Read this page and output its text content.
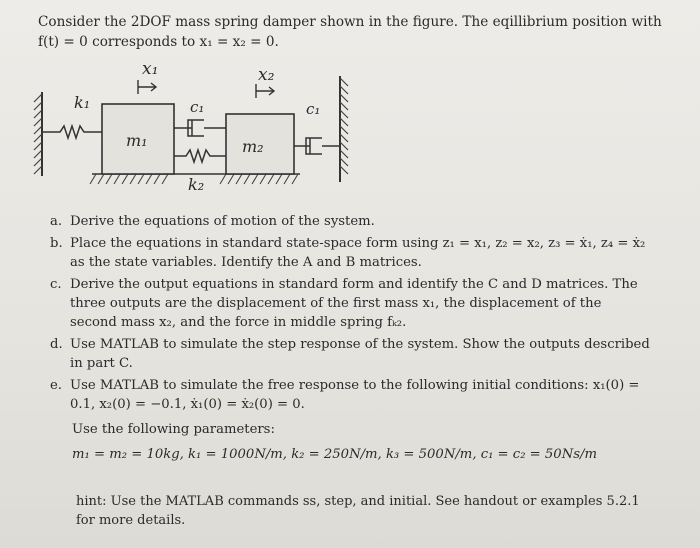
Consider the 2DOF mass spring damper shown in the figure. The eqillibrium position with
f(t) = 0 corresponds to x₁ = x₂ = 0.
x₁	x₂
k₁	c₁	c₁
m₁	m₂
k₂
a. Derive the equations of motion of the system.
b. Place the equations in standard state-space form using z₁ = x₁, z₂ = x₂, z₃ = ẋ₁, z₄ = ẋ₂ as the state variables. Identify the A and B matrices.
c. Derive the output equations in standard form and identify the C and D matrices. The three outputs are the displacement of the first mass x₁, the displacement of the second mass x₂, and the force in middle spring fₖ₂.
d. Use MATLAB to simulate the step response of the system. Show the outputs described in part C.
e. Use MATLAB to simulate the free response to the following initial conditions: x₁(0) = 0.1, x₂(0) = −0.1, ẋ₁(0) = ẋ₂(0) = 0.
Use the following parameters:
m₁ = m₂ = 10kg, k₁ = 1000N/m, k₂ = 250N/m, k₃ = 500N/m, c₁ = c₂ = 50Ns/m
hint: Use the MATLAB commands ss, step, and initial. See handout or examples 5.2.1 for more details.
